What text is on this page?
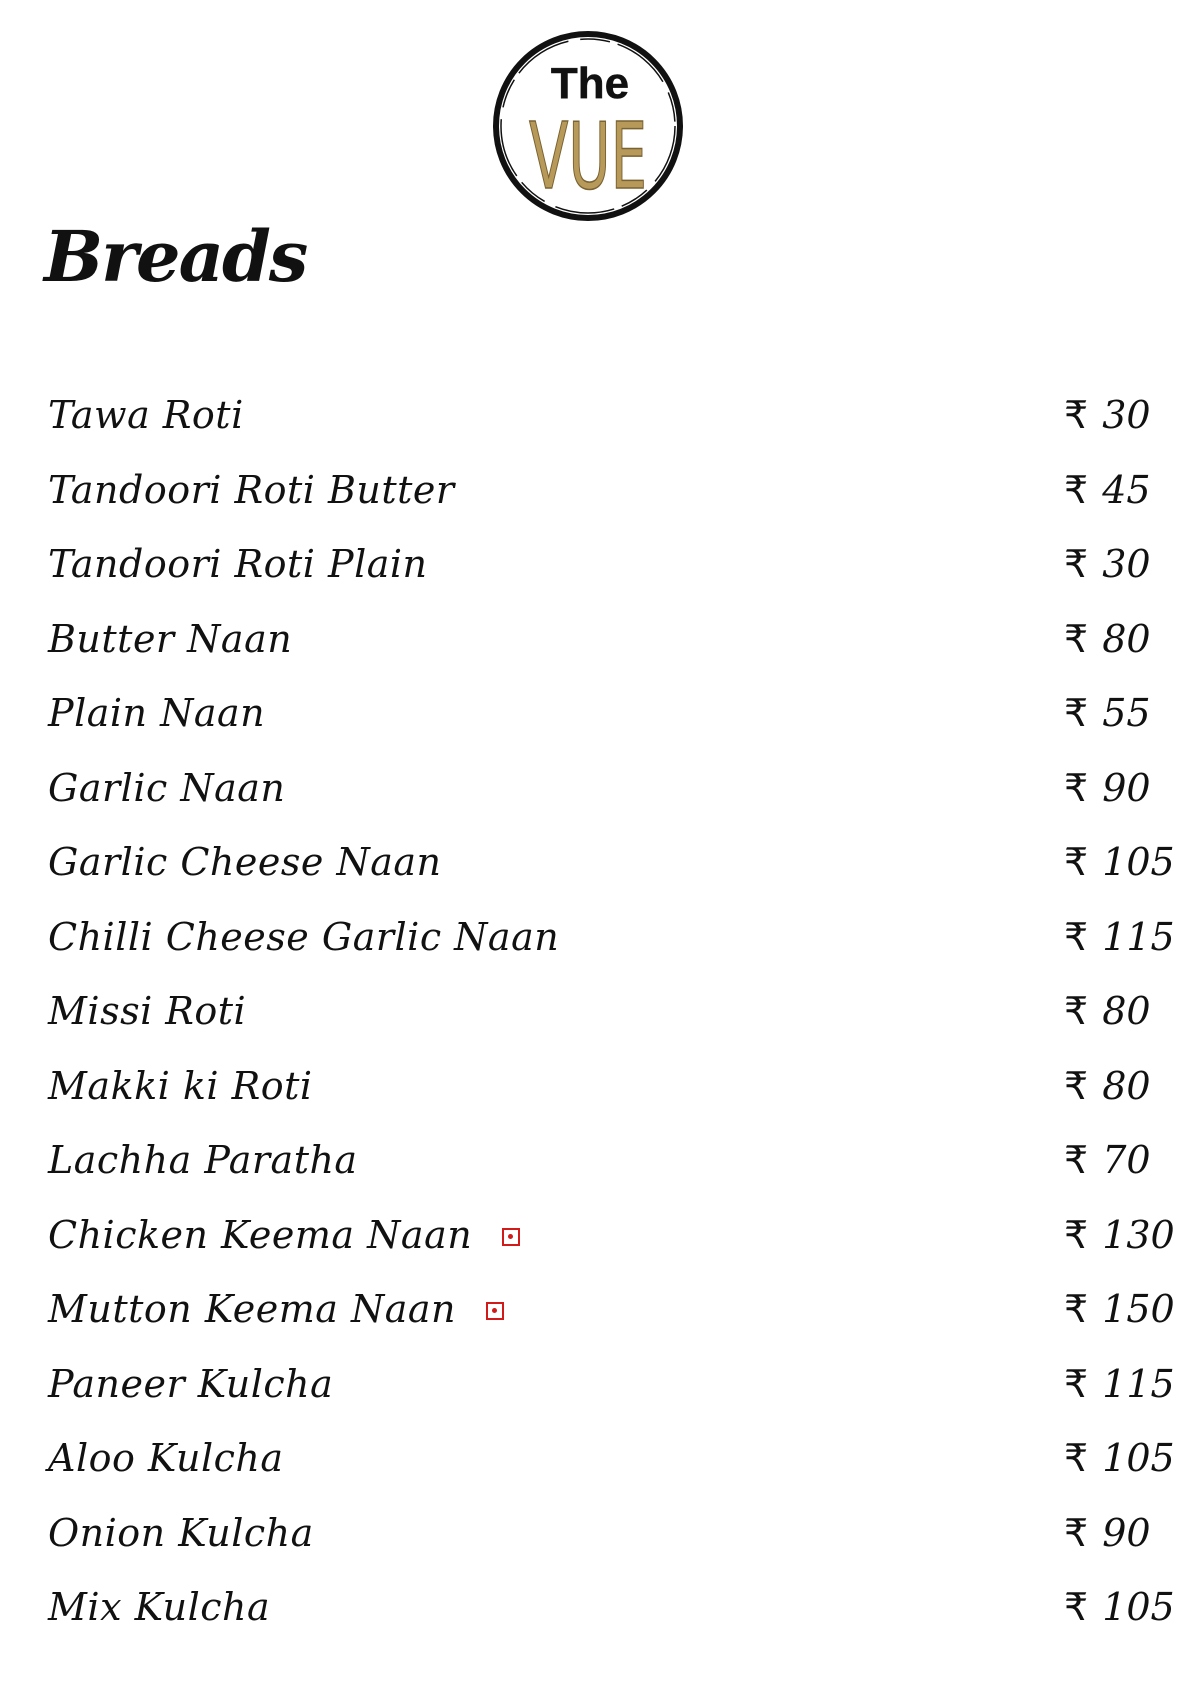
The
VUE
Breads
Tawa Roti	₹ 30
Tandoori Roti Butter	₹ 45
Tandoori Roti Plain	₹ 30
Butter Naan	₹ 80
Plain Naan	₹ 55
Garlic Naan	₹ 90
Garlic Cheese Naan	₹ 105
Chilli Cheese Garlic Naan	₹ 115
Missi Roti	₹ 80
Makki ki Roti	₹ 80
Lachha Paratha	₹ 70
Chicken Keema Naan	₹ 130
Mutton Keema Naan	₹ 150
Paneer Kulcha	₹ 115
Aloo Kulcha	₹ 105
Onion Kulcha	₹ 90
Mix Kulcha	₹ 105
